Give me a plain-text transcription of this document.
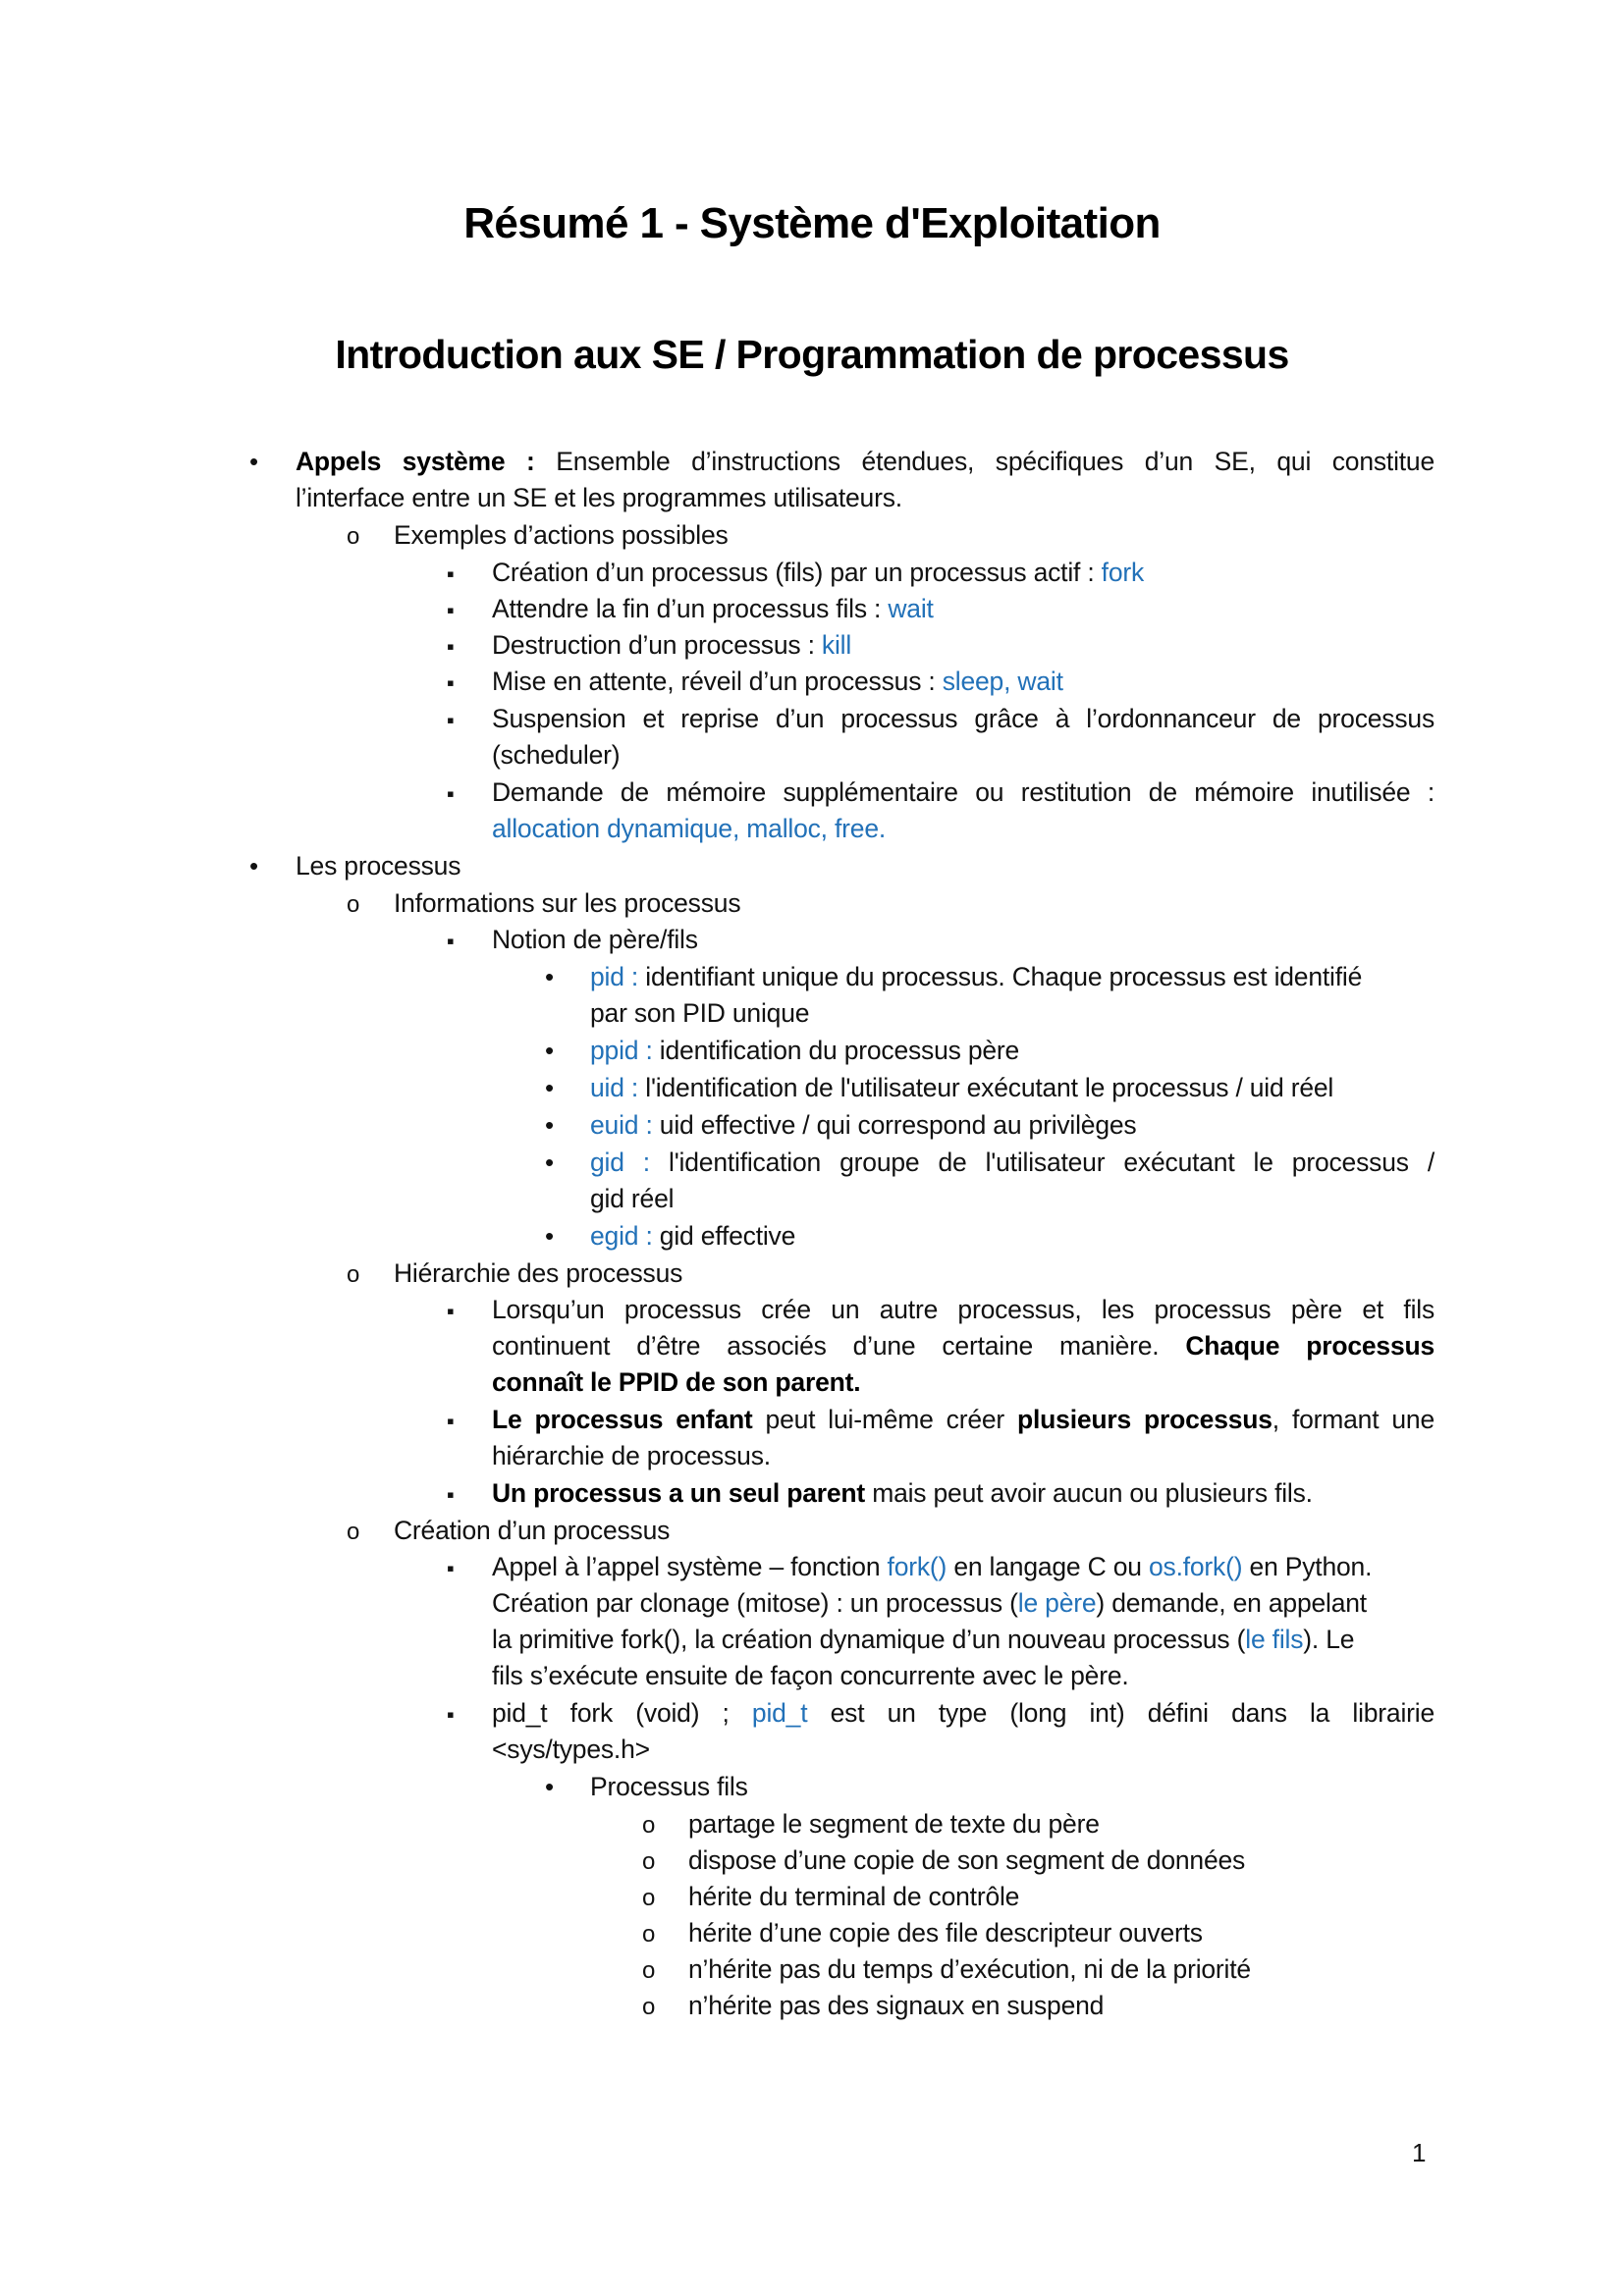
Résumé 1 - Système d'Exploitation
Introduction aux SE / Programmation de processus
•
Appels système : Ensemble d’instructions étendues, spécifiques d’un SE, qui constitue
l’interface entre un SE et les programmes utilisateurs.
o
Exemples d’actions possibles
▪
Création d’un processus (fils) par un processus actif : fork
▪
Attendre la fin d’un processus fils : wait
▪
Destruction d’un processus : kill
▪
Mise en attente, réveil d’un processus : sleep, wait
▪
Suspension et reprise d’un processus grâce à l’ordonnanceur de processus
(scheduler)
▪
Demande de mémoire supplémentaire ou restitution de mémoire inutilisée :
allocation dynamique, malloc, free.
•
Les processus
o
Informations sur les processus
▪
Notion de père/fils
•
pid : identifiant unique du processus. Chaque processus est identifié
par son PID unique
•
ppid : identification du processus père
•
uid : l'identification de l'utilisateur exécutant le processus / uid réel
•
euid : uid effective / qui correspond au privilèges
•
gid : l'identification groupe de l'utilisateur exécutant le processus /
gid réel
•
egid : gid effective
o
Hiérarchie des processus
▪
Lorsqu’un processus crée un autre processus, les processus père et fils
continuent d’être associés d’une certaine manière. Chaque processus
connaît le PPID de son parent.
▪
Le processus enfant peut lui-même créer plusieurs processus, formant une
hiérarchie de processus.
▪
Un processus a un seul parent mais peut avoir aucun ou plusieurs fils.
o
Création d’un processus
▪
Appel à l’appel système – fonction fork() en langage C ou os.fork() en Python.
Création par clonage (mitose) : un processus (le père) demande, en appelant
la primitive fork(), la création dynamique d’un nouveau processus (le fils). Le
fils s’exécute ensuite de façon concurrente avec le père.
▪
pid_t fork (void) ; pid_t est un type (long int) défini dans la librairie
<sys/types.h>
•
Processus fils
o
partage le segment de texte du père
o
dispose d’une copie de son segment de données
o
hérite du terminal de contrôle
o
hérite d’une copie des file descripteur ouverts
o
n’hérite pas du temps d’exécution, ni de la priorité
o
n’hérite pas des signaux en suspend
1
